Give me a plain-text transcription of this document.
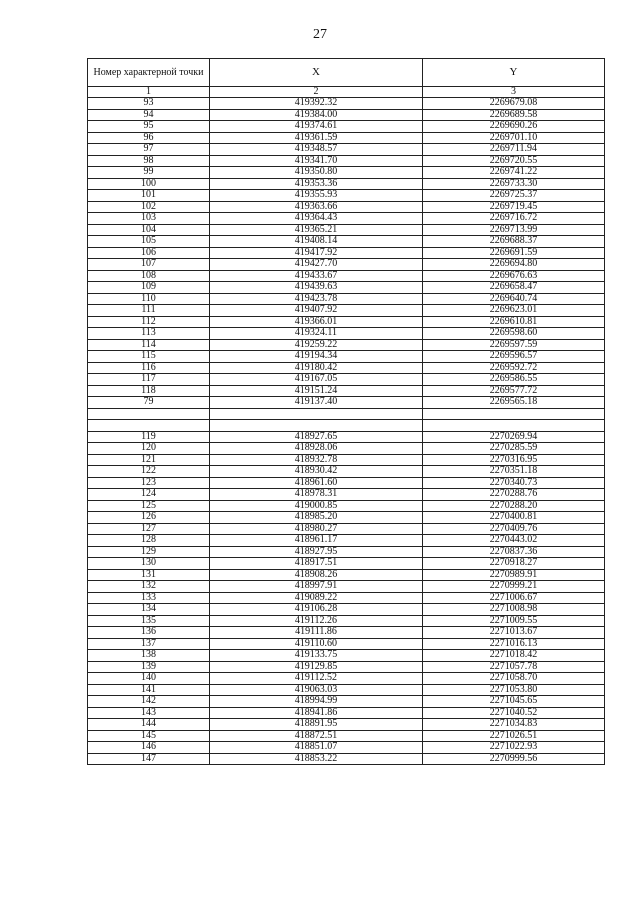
27
Номер характерной точки	X	Y
1	2	3
93	419392.32	2269679.08
94	419384.00	2269689.58
95	419374.61	2269690.26
96	419361.59	2269701.10
97	419348.57	2269711.94
98	419341.70	2269720.55
99	419350.80	2269741.22
100	419353.36	2269733.30
101	419355.93	2269725.37
102	419363.66	2269719.45
103	419364.43	2269716.72
104	419365.21	2269713.99
105	419408.14	2269688.37
106	419417.92	2269691.59
107	419427.70	2269694.80
108	419433.67	2269676.63
109	419439.63	2269658.47
110	419423.78	2269640.74
111	419407.92	2269623.01
112	419366.01	2269610.81
113	419324.11	2269598.60
114	419259.22	2269597.59
115	419194.34	2269596.57
116	419180.42	2269592.72
117	419167.05	2269586.55
118	419151.24	2269577.72
79	419137.40	2269565.18

119	418927.65	2270269.94
120	418928.06	2270285.59
121	418932.78	2270316.95
122	418930.42	2270351.18
123	418961.60	2270340.73
124	418978.31	2270288.76
125	419000.85	2270288.20
126	418985.20	2270400.81
127	418980.27	2270409.76
128	418961.17	2270443.02
129	418927.95	2270837.36
130	418917.51	2270918.27
131	418908.26	2270989.91
132	418997.91	2270999.21
133	419089.22	2271006.67
134	419106.28	2271008.98
135	419112.26	2271009.55
136	419111.86	2271013.67
137	419110.60	2271016.13
138	419133.75	2271018.42
139	419129.85	2271057.78
140	419112.52	2271058.70
141	419063.03	2271053.80
142	418994.99	2271045.65
143	418941.86	2271040.52
144	418891.95	2271034.83
145	418872.51	2271026.51
146	418851.07	2271022.93
147	418853.22	2270999.56
